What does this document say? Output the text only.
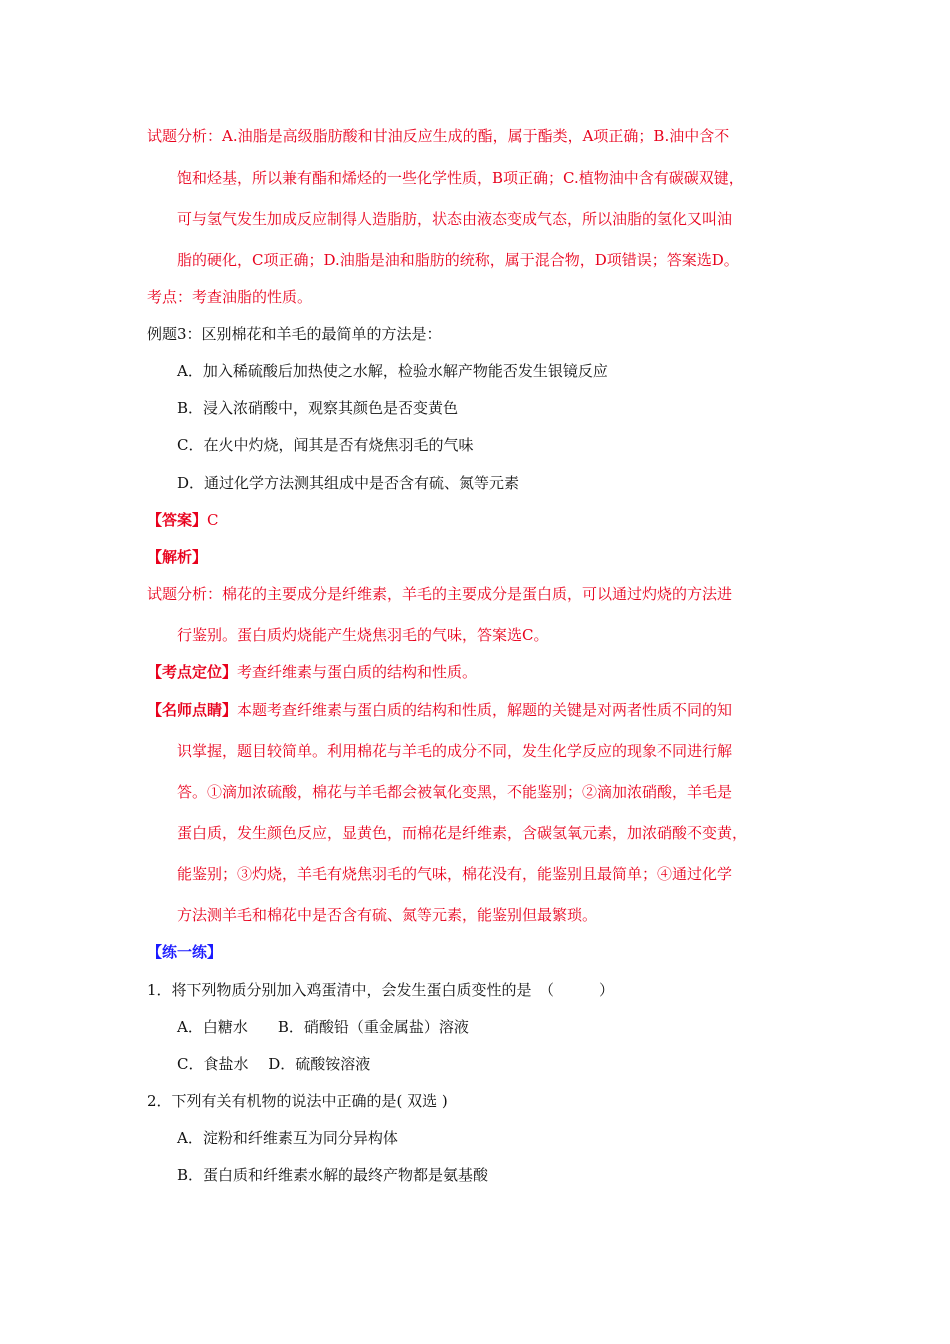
试题分析：A.油脂是高级脂肪酸和甘油反应生成的酯，属于酯类，A项正确；B.油中含不

饱和烃基，所以兼有酯和烯烃的一些化学性质，B项正确；C.植物油中含有碳碳双键，

可与氢气发生加成反应制得人造脂肪，状态由液态变成气态，所以油脂的氢化又叫油

脂的硬化，C项正确；D.油脂是油和脂肪的统称，属于混合物，D项错误；答案选D。

考点：考查油脂的性质。

例题3：区别棉花和羊毛的最简单的方法是：

A．加入稀硫酸后加热使之水解，检验水解产物能否发生银镜反应

B．浸入浓硝酸中，观察其颜色是否变黄色

C．在火中灼烧，闻其是否有烧焦羽毛的气味

D．通过化学方法测其组成中是否含有硫、氮等元素

【答案】C

【解析】

试题分析：棉花的主要成分是纤维素，羊毛的主要成分是蛋白质，可以通过灼烧的方法进

行鉴别。蛋白质灼烧能产生烧焦羽毛的气味，答案选C。

【考点定位】考查纤维素与蛋白质的结构和性质。

【名师点睛】本题考查纤维素与蛋白质的结构和性质，解题的关键是对两者性质不同的知

识掌握，题目较简单。利用棉花与羊毛的成分不同，发生化学反应的现象不同进行解

答。①滴加浓硫酸，棉花与羊毛都会被氧化变黑，不能鉴别；②滴加浓硝酸，羊毛是

蛋白质，发生颜色反应，显黄色，而棉花是纤维素，含碳氢氧元素，加浓硝酸不变黄，

能鉴别；③灼烧，羊毛有烧焦羽毛的气味，棉花没有，能鉴别且最简单；④通过化学

方法测羊毛和棉花中是否含有硫、氮等元素，能鉴别但最繁琐。

【练一练】

1．将下列物质分别加入鸡蛋清中，会发生蛋白质变性的是　（　　　）

A．白糖水　　B．硝酸铅（重金属盐）溶液

C．食盐水　 D．硫酸铵溶液

2．下列有关有机物的说法中正确的是( 双选 )

A．淀粉和纤维素互为同分异构体

B．蛋白质和纤维素水解的最终产物都是氨基酸
